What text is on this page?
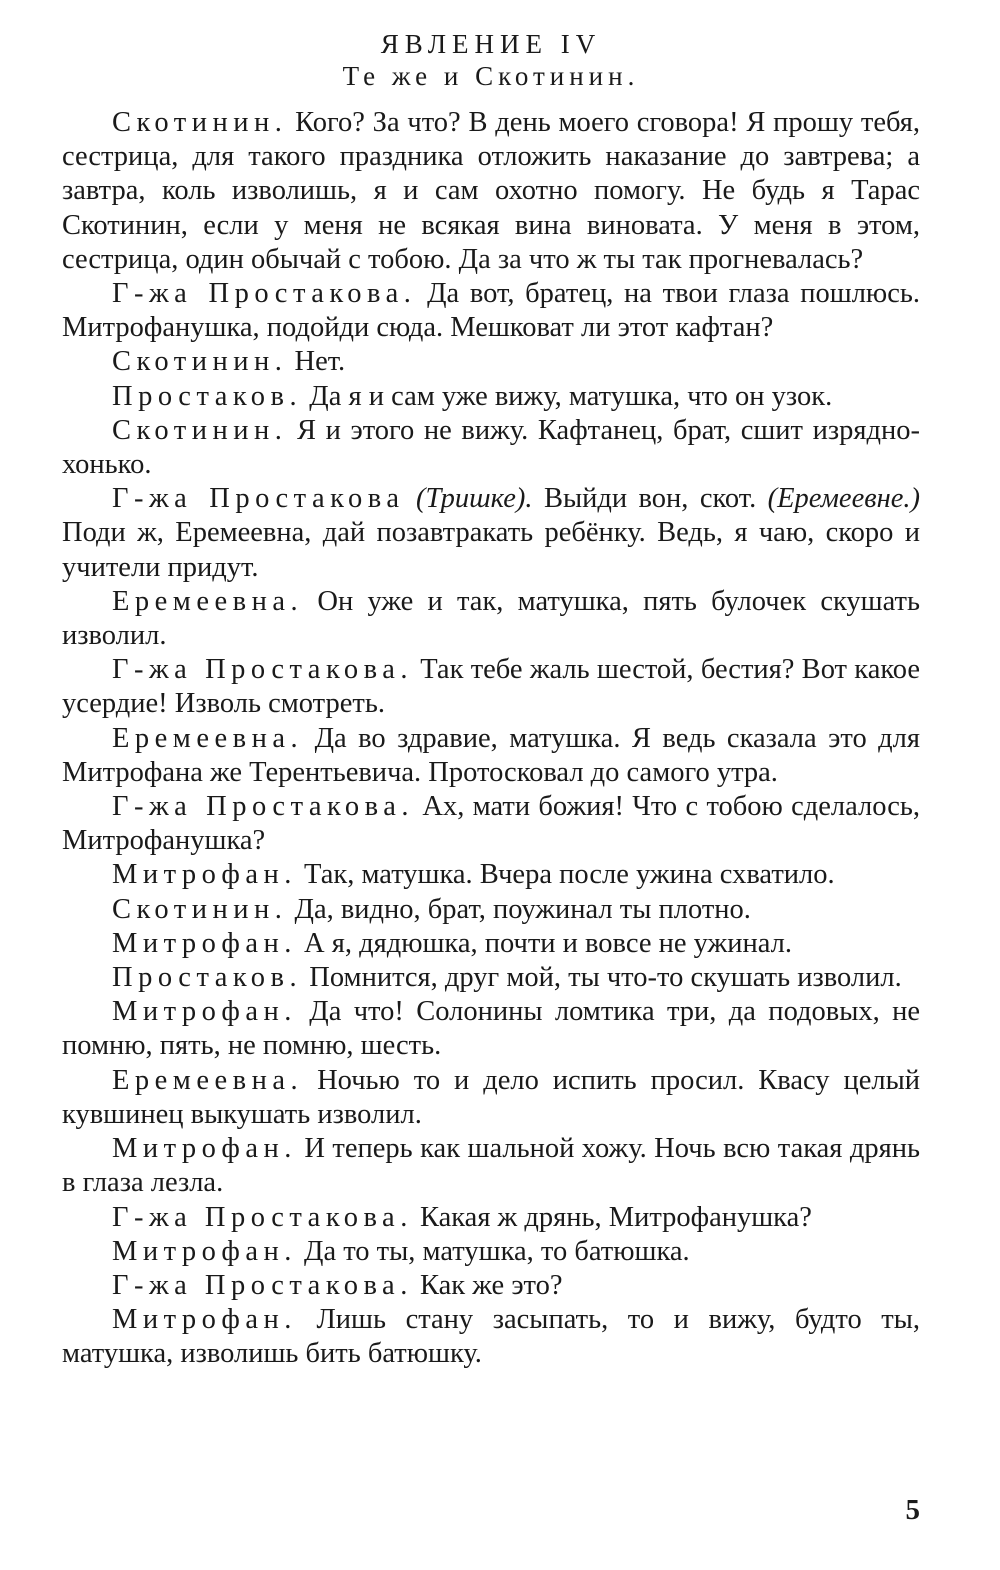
ЯВЛЕНИЕ IV
Те же и Скотинин.

Скотинин. Кого? За что? В день моего сговора! Я прошу тебя, сестрица, для такого праздника отложить наказание до завтрева; а завтра, коль изволишь, я и сам охотно помогу. Не будь я Тарас Скотинин, если у меня не всякая вина виновата. У меня в этом, сестрица, один обычай с тобою. Да за что ж ты так прогневалась?

Г-жа Простакова. Да вот, братец, на твои глаза пошлюсь. Митрофанушка, подойди сюда. Мешковат ли этот кафтан?

Скотинин. Нет.

Простаков. Да я и сам уже вижу, матушка, что он узок.

Скотинин. Я и этого не вижу. Кафтанец, брат, сшит изряднохонько.

Г-жа Простакова (Тришке). Выйди вон, скот. (Еремеевне.) Поди ж, Еремеевна, дай позавтракать ребёнку. Ведь, я чаю, скоро и учители придут.

Еремеевна. Он уже и так, матушка, пять булочек скушать изволил.

Г-жа Простакова. Так тебе жаль шестой, бестия? Вот какое усердие! Изволь смотреть.

Еремеевна. Да во здравие, матушка. Я ведь сказала это для Митрофана же Терентьевича. Протосковал до самого утра.

Г-жа Простакова. Ах, мати божия! Что с тобою сделалось, Митрофанушка?

Митрофан. Так, матушка. Вчера после ужина схватило.

Скотинин. Да, видно, брат, поужинал ты плотно.

Митрофан. А я, дядюшка, почти и вовсе не ужинал.

Простаков. Помнится, друг мой, ты что-то скушать изволил.

Митрофан. Да что! Солонины ломтика три, да подовых, не помню, пять, не помню, шесть.

Еремеевна. Ночью то и дело испить просил. Квасу целый кувшинец выкушать изволил.

Митрофан. И теперь как шальной хожу. Ночь всю такая дрянь в глаза лезла.

Г-жа Простакова. Какая ж дрянь, Митрофанушка?

Митрофан. Да то ты, матушка, то батюшка.

Г-жа Простакова. Как же это?

Митрофан. Лишь стану засыпать, то и вижу, будто ты, матушка, изволишь бить батюшку.

5
